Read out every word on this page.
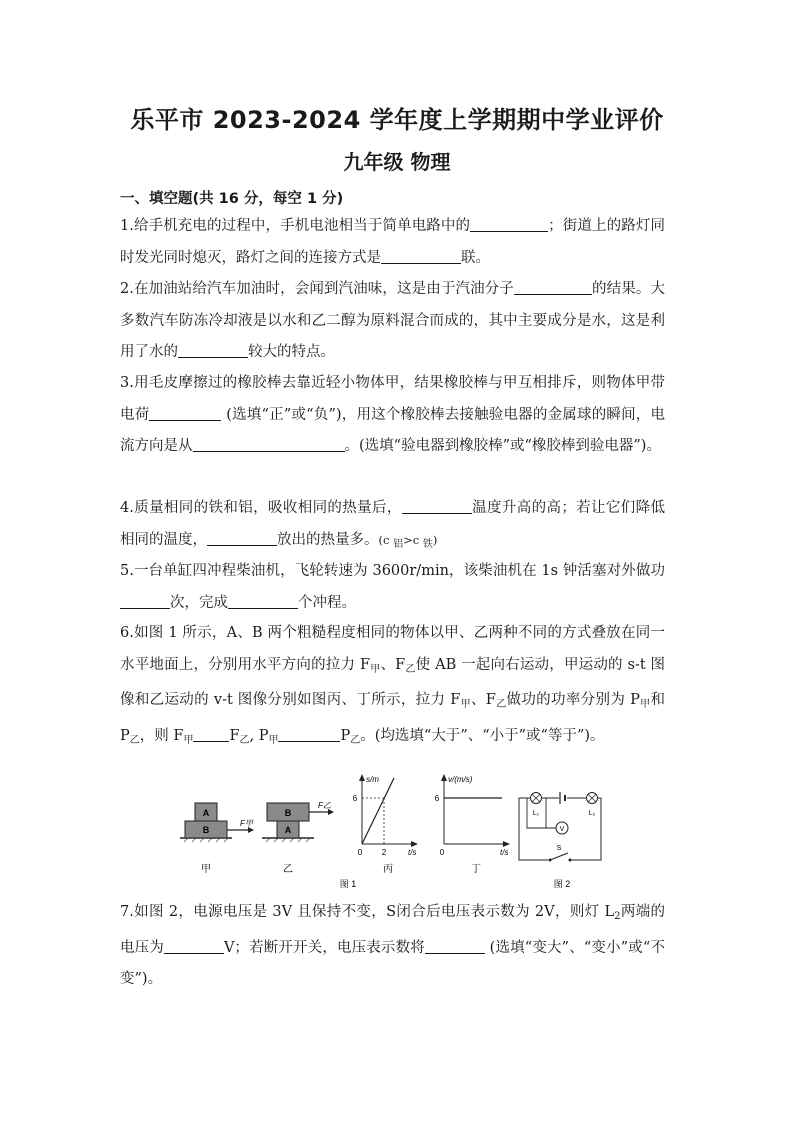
乐平市 2023-2024 学年度上学期期中学业评价
九年级 物理
一、填空题(共 16 分，每空 1 分)
1.给手机充电的过程中，手机电池相当于简单电路中的	；街道上的路灯同时发光同时熄灭，路灯之间的连接方式是	联。
2.在加油站给汽车加油时，会闻到汽油味，这是由于汽油分子	的结果。大多数汽车防冻冷却液是以水和乙二醇为原料混合而成的，其中主要成分是水，这是利用了水的	较大的特点。
3.用毛皮摩擦过的橡胶棒去靠近轻小物体甲，结果橡胶棒与甲互相排斥，则物体甲带电荷	(选填“正”或“负”)，用这个橡胶棒去接触验电器的金属球的瞬间，电流方向是从	。(选填“验电器到橡胶棒”或“橡胶棒到验电器”)。
4.质量相同的铁和铝，吸收相同的热量后，	温度升高的高；若让它们降低相同的温度，	放出的热量多。(c 铝>c 铁)
5.一台单缸四冲程柴油机，飞轮转速为 3600r/min，该柴油机在 1s 钟活塞对外做功次，完成	个冲程。
6.如图 1 所示，A、B 两个粗糙程度相同的物体以甲、乙两种不同的方式叠放在同一水平地面上，分别用水平方向的拉力 $F_甲$、$F_乙$使 AB 一起向右运动，甲运动的 s-t 图像和乙运动的 v-t 图像分别如图丙、丁所示，拉力 $F_甲$、$F_乙$做功的功率分别为 $P_甲$和 $P_乙$，则 $F_甲$ $F_乙$, $P_甲$	$P_乙$。(均选填“大于”、“小于”或“等于”)。
A
B
F甲
甲
B
A
F乙
乙
s/m
6
0 2	t/s
丙
v/(m/s)
6
0	t/s
丁
V
L₁	L₂
S
图 1	图 2
7.如图 2，电源电压是 3V 且保持不变，S闭合后电压表示数为 2V，则灯 $L_2$两端的电压为	V；若断开开关，电压表示数将	(选填“变大”、“变小”或“不变”)。
